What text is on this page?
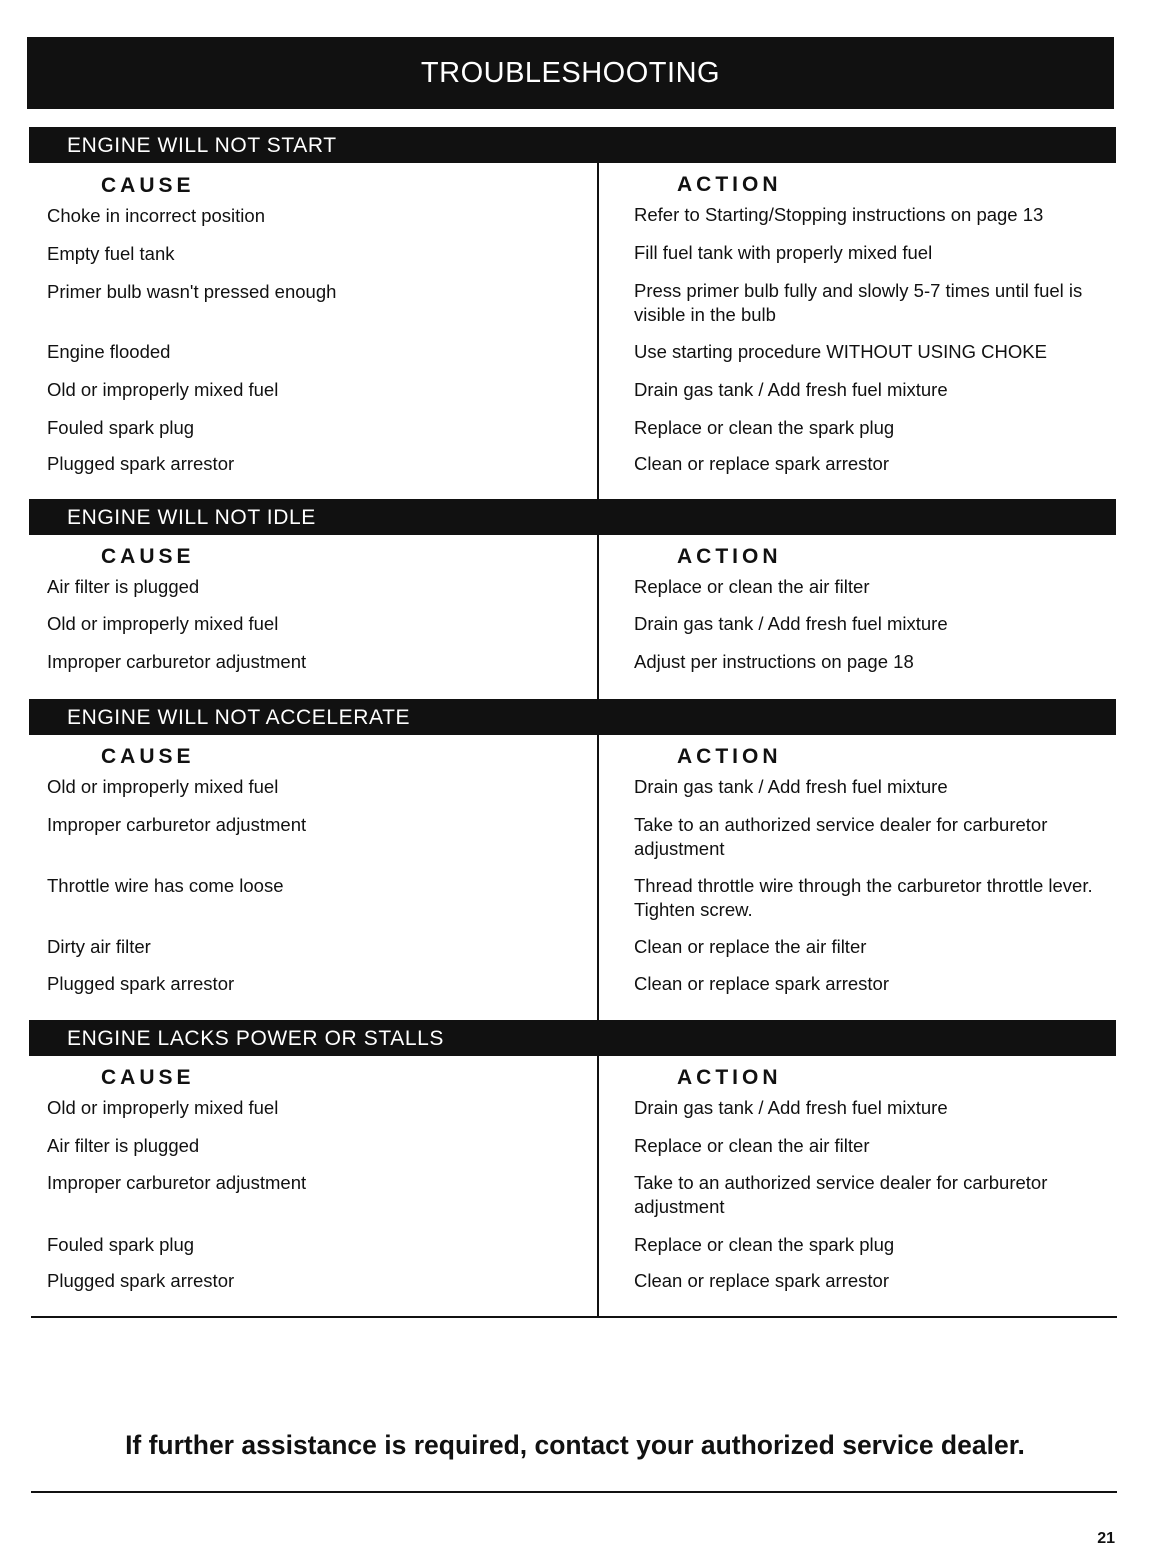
TROUBLESHOOTING
ENGINE WILL NOT START
CAUSE	ACTION

Choke in incorrect position	Refer to Starting/Stopping instructions on page 13

Empty fuel tank	Fill fuel tank with properly mixed fuel

Primer bulb wasn't pressed enough	Press primer bulb fully and slowly 5-7 times until fuel is visible in the bulb

Engine flooded	Use starting procedure WITHOUT USING CHOKE

Old or improperly mixed fuel	Drain gas tank / Add fresh fuel mixture

Fouled spark plug	Replace or clean the spark plug

Plugged spark arrestor	Clean or replace spark arrestor

ENGINE WILL NOT IDLE
CAUSE	ACTION

Air filter is plugged	Replace or clean the air filter

Old or improperly mixed fuel	Drain gas tank / Add fresh fuel mixture

Improper carburetor adjustment	Adjust per instructions on page 18

ENGINE WILL NOT ACCELERATE
CAUSE	ACTION

Old or improperly mixed fuel	Drain gas tank / Add fresh fuel mixture

Improper carburetor adjustment	Take to an authorized service dealer for carburetor adjustment

Throttle wire has come loose	Thread throttle wire through the carburetor throttle lever. Tighten screw.

Dirty air filter	Clean or replace the air filter

Plugged spark arrestor	Clean or replace spark arrestor

ENGINE LACKS POWER OR STALLS
CAUSE	ACTION

Old or improperly mixed fuel	Drain gas tank / Add fresh fuel mixture

Air filter is plugged	Replace or clean the air filter

Improper carburetor adjustment	Take to an authorized service dealer for carburetor adjustment

Fouled spark plug	Replace or clean the spark plug

Plugged spark arrestor	Clean or replace spark arrestor

If further assistance is required, contact your authorized service dealer.
21
